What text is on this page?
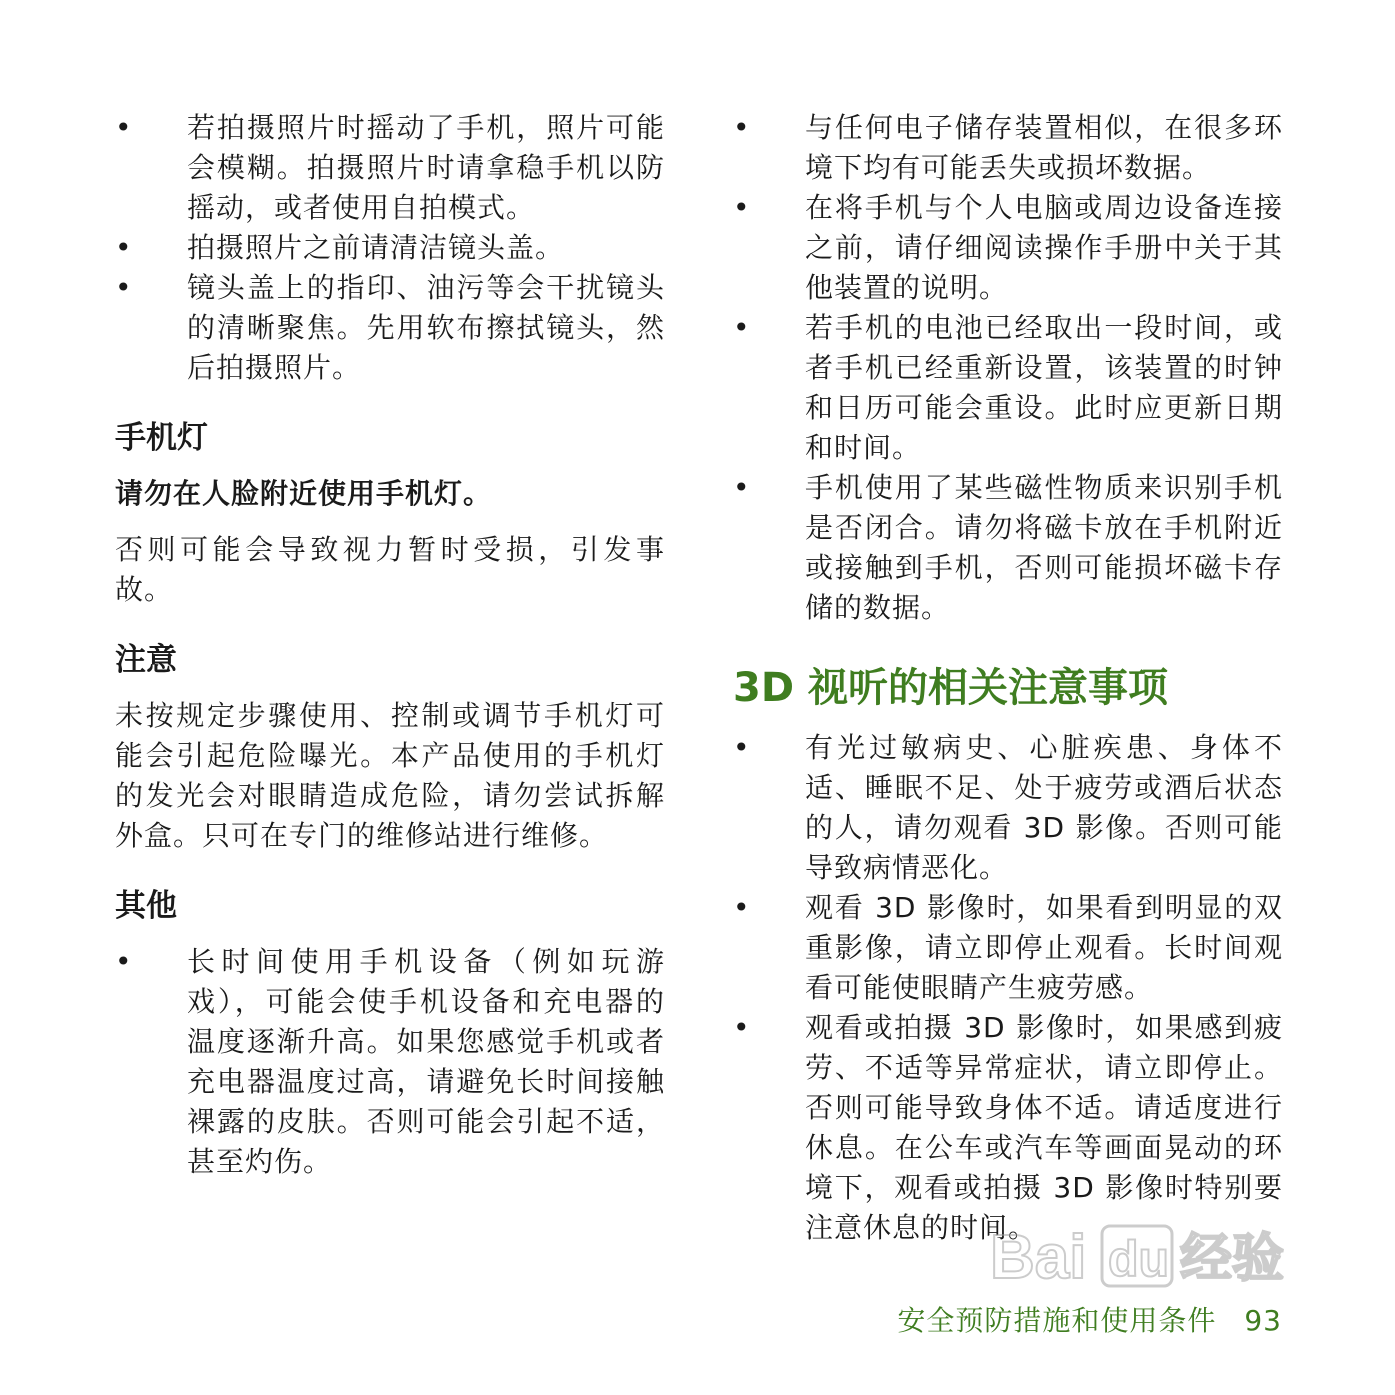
• 若拍摄照片时摇动了手机，照片可能会模糊。拍摄照片时请拿稳手机以防摇动，或者使用自拍模式。
• 拍摄照片之前请清洁镜头盖。
• 镜头盖上的指印、油污等会干扰镜头的清晰聚焦。先用软布擦拭镜头，然后拍摄照片。
手机灯

请勿在人脸附近使用手机灯。

否则可能会导致视力暂时受损，引发事故。

注意

未按规定步骤使用、控制或调节手机灯可能会引起危险曝光。本产品使用的手机灯的发光会对眼睛造成危险，请勿尝试拆解外盒。只可在专门的维修站进行维修。

其他
• 长时间使用手机设备（例如玩游戏），可能会使手机设备和充电器的温度逐渐升高。如果您感觉手机或者充电器温度过高，请避免长时间接触裸露的皮肤。否则可能会引起不适，甚至灼伤。
• 与任何电子储存装置相似，在很多环境下均有可能丢失或损坏数据。
• 在将手机与个人电脑或周边设备连接之前，请仔细阅读操作手册中关于其他装置的说明。
• 若手机的电池已经取出一段时间，或者手机已经重新设置，该装置的时钟和日历可能会重设。此时应更新日期和时间。
• 手机使用了某些磁性物质来识别手机是否闭合。请勿将磁卡放在手机附近或接触到手机，否则可能损坏磁卡存储的数据。
3D 视听的相关注意事项
• 有光过敏病史、心脏疾患、身体不适、睡眠不足、处于疲劳或酒后状态的人，请勿观看 3D 影像。否则可能导致病情恶化。
• 观看 3D 影像时，如果看到明显的双重影像，请立即停止观看。长时间观看可能使眼睛产生疲劳感。
• 观看或拍摄 3D 影像时，如果感到疲劳、不适等异常症状，请立即停止。否则可能导致身体不适。请适度进行休息。在公车或汽车等画面晃动的环境下，观看或拍摄 3D 影像时特别要注意休息的时间。
Bai du 经验
安全预防措施和使用条件 93
